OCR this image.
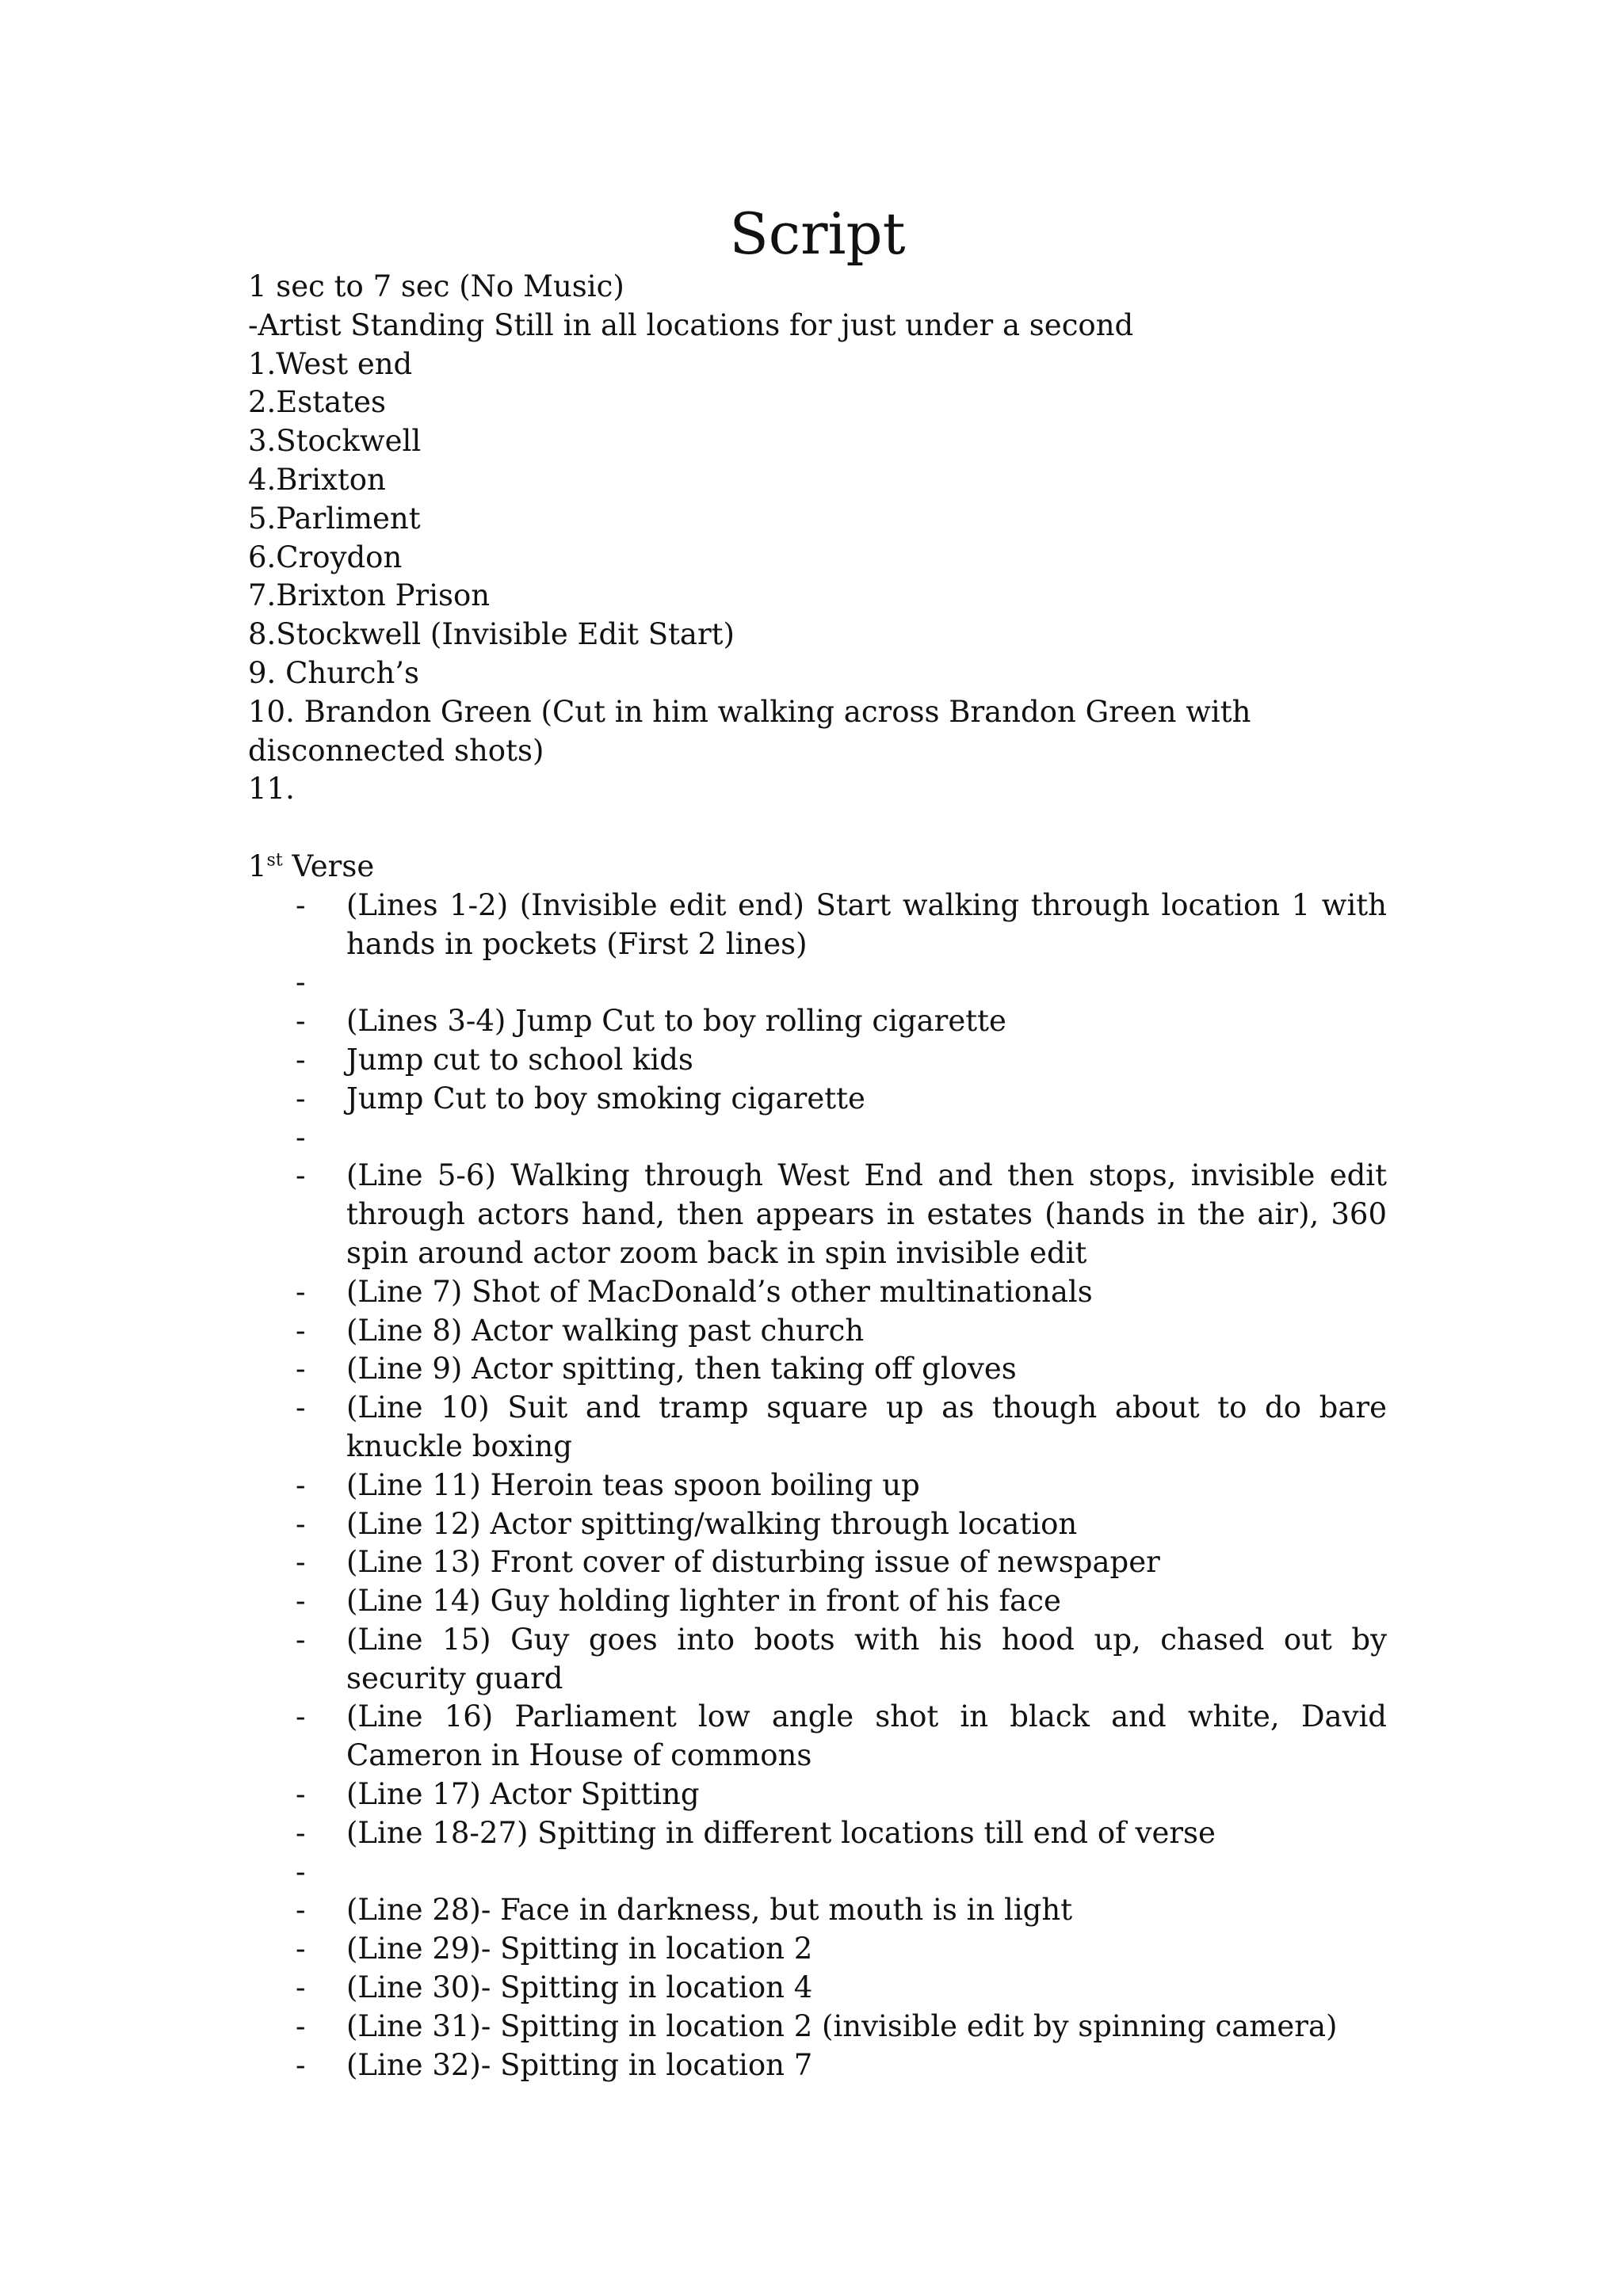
Script
1 sec to 7 sec (No Music)
-Artist Standing Still in all locations for just under a second
1.West end
2.Estates
3.Stockwell
4.Brixton
5.Parliment
6.Croydon
7.Brixton Prison
8.Stockwell (Invisible Edit Start)
9. Church’s
10. Brandon Green (Cut in him walking across Brandon Green with disconnected shots)
11.
1st Verse
- (Lines 1-2) (Invisible edit end) Start walking through location 1 with hands in pockets (First 2 lines)
-
- (Lines 3-4) Jump Cut to boy rolling cigarette
- Jump cut to school kids
- Jump Cut to boy smoking cigarette
-
- (Line 5-6) Walking through West End and then stops, invisible edit through actors hand, then appears in estates (hands in the air), 360 spin around actor zoom back in spin invisible edit
- (Line 7) Shot of MacDonald’s other multinationals
- (Line 8) Actor walking past church
- (Line 9) Actor spitting, then taking off gloves
- (Line 10) Suit and tramp square up as though about to do bare knuckle boxing
- (Line 11) Heroin teas spoon boiling up
- (Line 12) Actor spitting/walking through location
- (Line 13) Front cover of disturbing issue of newspaper
- (Line 14) Guy holding lighter in front of his face
- (Line 15) Guy goes into boots with his hood up, chased out by security guard
- (Line 16) Parliament low angle shot in black and white, David Cameron in House of commons
- (Line 17) Actor Spitting
- (Line 18-27) Spitting in different locations till end of verse
-
- (Line 28)- Face in darkness, but mouth is in light
- (Line 29)- Spitting in location 2
- (Line 30)- Spitting in location 4
- (Line 31)- Spitting in location 2 (invisible edit by spinning camera)
- (Line 32)- Spitting in location 7
